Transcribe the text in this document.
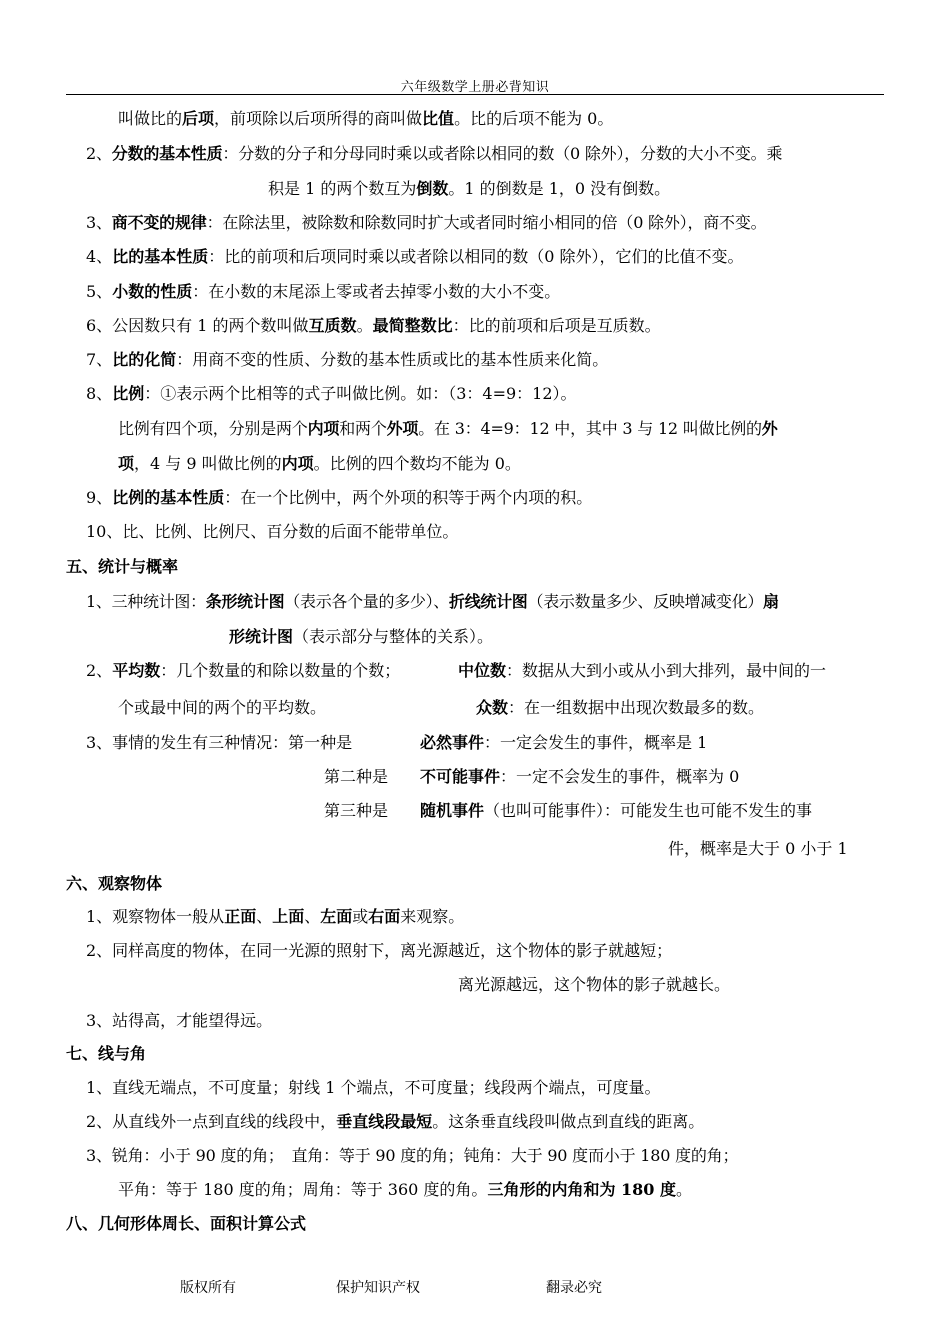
六年级数学上册必背知识
叫做比的后项，前项除以后项所得的商叫做比值。比的后项不能为 0。
2、分数的基本性质：分数的分子和分母同时乘以或者除以相同的数（0 除外），分数的大小不变。乘
积是 1 的两个数互为倒数。1 的倒数是 1，0 没有倒数。
3、商不变的规律：在除法里，被除数和除数同时扩大或者同时缩小相同的倍（0 除外），商不变。
4、比的基本性质：比的前项和后项同时乘以或者除以相同的数（0 除外），它们的比值不变。
5、小数的性质：在小数的末尾添上零或者去掉零小数的大小不变。
6、公因数只有 1 的两个数叫做互质数。最简整数比：比的前项和后项是互质数。
7、比的化简：用商不变的性质、分数的基本性质或比的基本性质来化简。
8、比例：①表示两个比相等的式子叫做比例。如：（3：4=9：12）。
比例有四个项，分别是两个内项和两个外项。在 3：4=9：12 中，其中 3 与 12 叫做比例的外
项，4 与 9 叫做比例的内项。比例的四个数均不能为 0。
9、比例的基本性质：在一个比例中，两个外项的积等于两个内项的积。
10、比、比例、比例尺、百分数的后面不能带单位。
五、统计与概率
1、三种统计图：条形统计图（表示各个量的多少）、折线统计图（表示数量多少、反映增减变化）扇
形统计图（表示部分与整体的关系）。
2、平均数：几个数量的和除以数量的个数；	中位数：数据从大到小或从小到大排列，最中间的一
个或最中间的两个的平均数。	众数：在一组数据中出现次数最多的数。
3、事情的发生有三种情况：第一种是	必然事件：一定会发生的事件，概率是 1
第二种是 不可能事件：一定不会发生的事件，概率为 0
第三种是 随机事件（也叫可能事件）：可能发生也可能不发生的事
件，概率是大于 0 小于 1
六、观察物体
1、观察物体一般从正面、上面、左面或右面来观察。
2、同样高度的物体，在同一光源的照射下，离光源越近，这个物体的影子就越短；
离光源越远，这个物体的影子就越长。
3、站得高，才能望得远。
七、线与角
1、直线无端点，不可度量；射线 1 个端点，不可度量；线段两个端点，可度量。
2、从直线外一点到直线的线段中，垂直线段最短。这条垂直线段叫做点到直线的距离。
3、锐角：小于 90 度的角；　直角：等于 90 度的角；钝角：大于 90 度而小于 180 度的角；
平角：等于 180 度的角；周角：等于 360 度的角。三角形的内角和为 180 度。
八、几何形体周长、面积计算公式
版权所有	保护知识产权	翻录必究
